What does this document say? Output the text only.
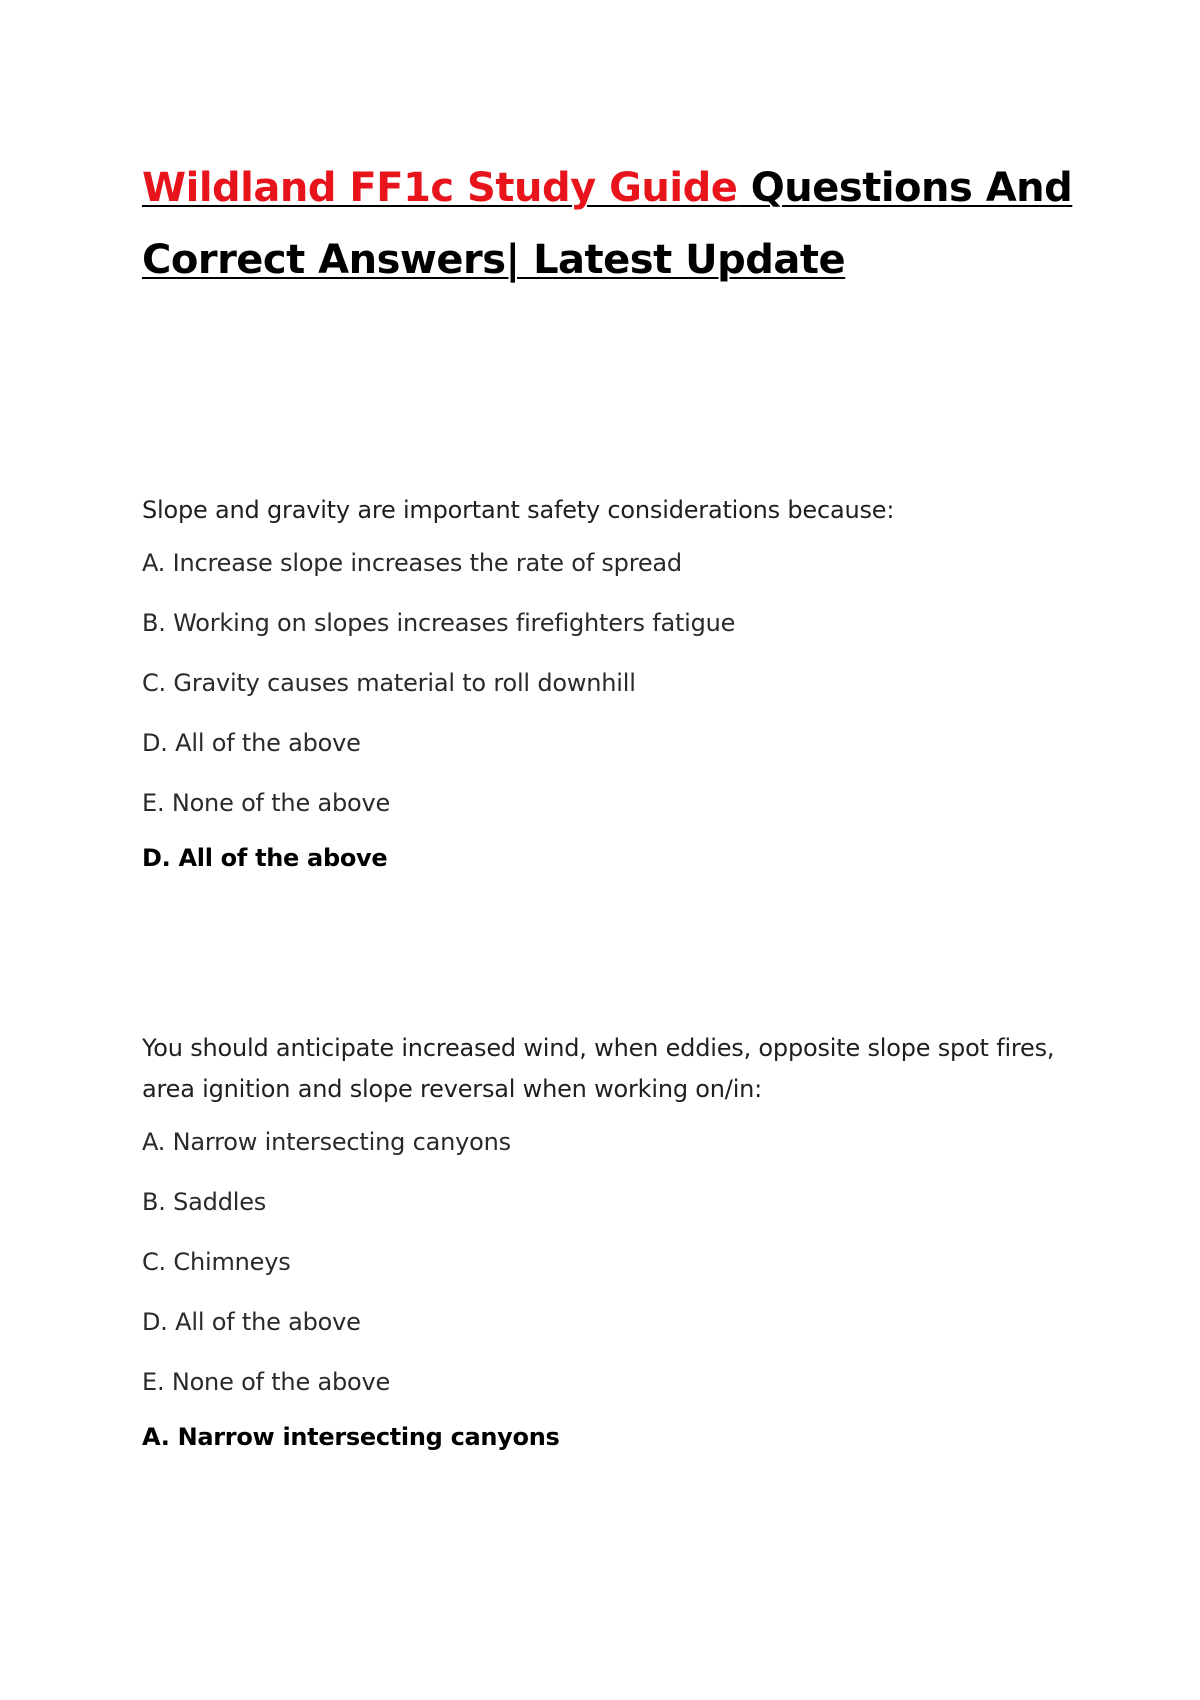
Wildland FF1c Study Guide Questions And Correct Answers| Latest Update

Slope and gravity are important safety considerations because:

A. Increase slope increases the rate of spread
B. Working on slopes increases firefighters fatigue
C. Gravity causes material to roll downhill
D. All of the above
E. None of the above

D. All of the above

You should anticipate increased wind, when eddies, opposite slope spot fires, area ignition and slope reversal when working on/in:

A. Narrow intersecting canyons
B. Saddles
C. Chimneys
D. All of the above
E. None of the above

A. Narrow intersecting canyons
